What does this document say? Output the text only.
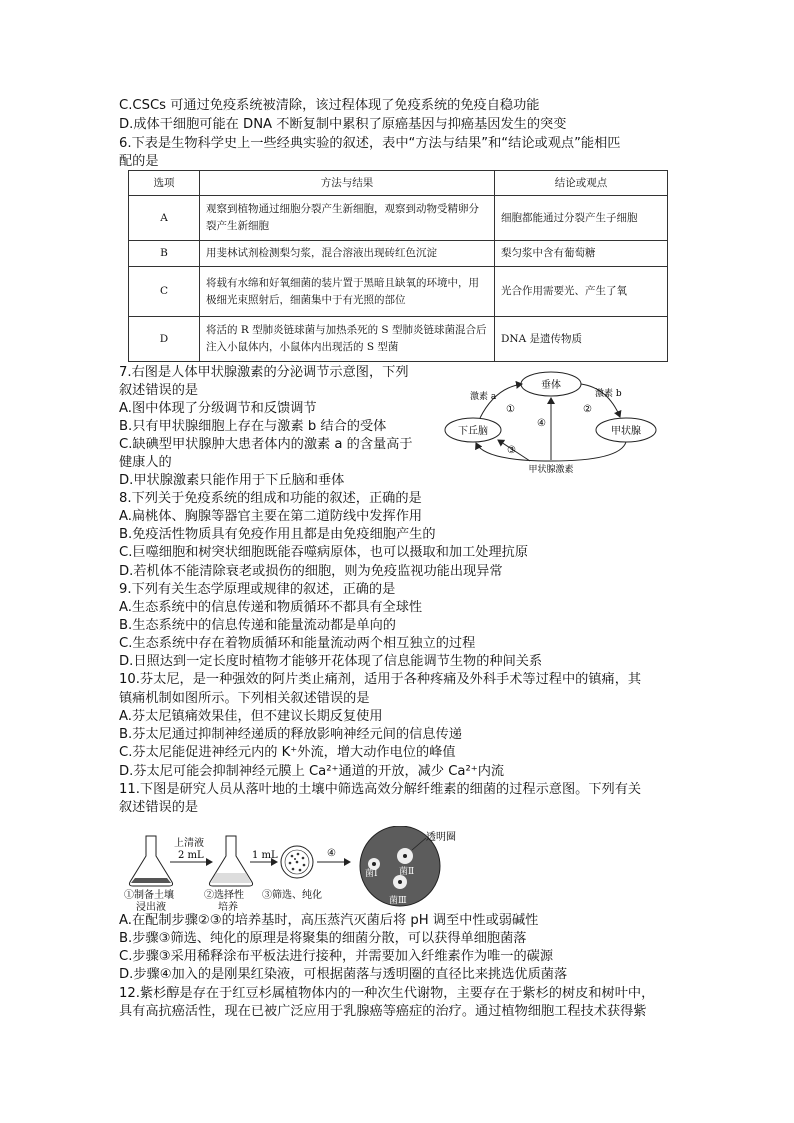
C.CSCs 可通过免疫系统被清除，该过程体现了免疫系统的免疫自稳功能
D.成体干细胞可能在 DNA 不断复制中累积了原癌基因与抑癌基因发生的突变
6.下表是生物科学史上一些经典实验的叙述，表中“方法与结果”和“结论或观点”能相匹
配的是
选项	方法与结果	结论或观点
A	观察到植物通过细胞分裂产生新细胞，观察到动物受精卵分裂产生新细胞	细胞都能通过分裂产生子细胞
B	用斐林试剂检测梨匀浆，混合溶液出现砖红色沉淀	梨匀浆中含有葡萄糖
C	将载有水绵和好氧细菌的装片置于黑暗且缺氧的环境中，用极细光束照射后，细菌集中于有光照的部位	光合作用需要光、产生了氧
D	将活的 R 型肺炎链球菌与加热杀死的 S 型肺炎链球菌混合后注入小鼠体内，小鼠体内出现活的 S 型菌	DNA 是遗传物质
7.右图是人体甲状腺激素的分泌调节示意图，下列
叙述错误的是
A.图中体现了分级调节和反馈调节
B.只有甲状腺细胞上存在与激素 b 结合的受体
C.缺碘型甲状腺肿大患者体内的激素 a 的含量高于
健康人的
D.甲状腺激素只能作用于下丘脑和垂体
垂体
下丘脑	甲状腺
激素 a	激素 b
①	②
③
④
甲状腺激素
8.下列关于免疫系统的组成和功能的叙述，正确的是
A.扁桃体、胸腺等器官主要在第二道防线中发挥作用
B.免疫活性物质具有免疫作用且都是由免疫细胞产生的
C.巨噬细胞和树突状细胞既能吞噬病原体，也可以摄取和加工处理抗原
D.若机体不能清除衰老或损伤的细胞，则为免疫监视功能出现异常
9.下列有关生态学原理或规律的叙述，正确的是
A.生态系统中的信息传递和物质循环不都具有全球性
B.生态系统中的信息传递和能量流动都是单向的
C.生态系统中存在着物质循环和能量流动两个相互独立的过程
D.日照达到一定长度时植物才能够开花体现了信息能调节生物的种间关系
10.芬太尼，是一种强效的阿片类止痛剂，适用于各种疼痛及外科手术等过程中的镇痛，其
镇痛机制如图所示。下列相关叙述错误的是
A.芬太尼镇痛效果佳，但不建议长期反复使用
B.芬太尼通过抑制神经递质的释放影响神经元间的信息传递
C.芬太尼能促进神经元内的 K⁺外流，增大动作电位的峰值
D.芬太尼可能会抑制神经元膜上 Ca²⁺通道的开放，减少 Ca²⁺内流
11.下图是研究人员从落叶地的土壤中筛选高效分解纤维素的细菌的过程示意图。下列有关
叙述错误的是
上清液
2 mL	1 mL	④
透明圈
菌Ⅰ 菌Ⅱ
菌Ⅲ
①制备土壤
浸出液
②选择性
培养
③筛选、纯化
A.在配制步骤②③的培养基时，高压蒸汽灭菌后将 pH 调至中性或弱碱性
B.步骤③筛选、纯化的原理是将聚集的细菌分散，可以获得单细胞菌落
C.步骤③采用稀释涂布平板法进行接种，并需要加入纤维素作为唯一的碳源
D.步骤④加入的是刚果红染液，可根据菌落与透明圈的直径比来挑选优质菌落
12.紫杉醇是存在于红豆杉属植物体内的一种次生代谢物，主要存在于紫杉的树皮和树叶中，
具有高抗癌活性，现在已被广泛应用于乳腺癌等癌症的治疗。通过植物细胞工程技术获得紫
